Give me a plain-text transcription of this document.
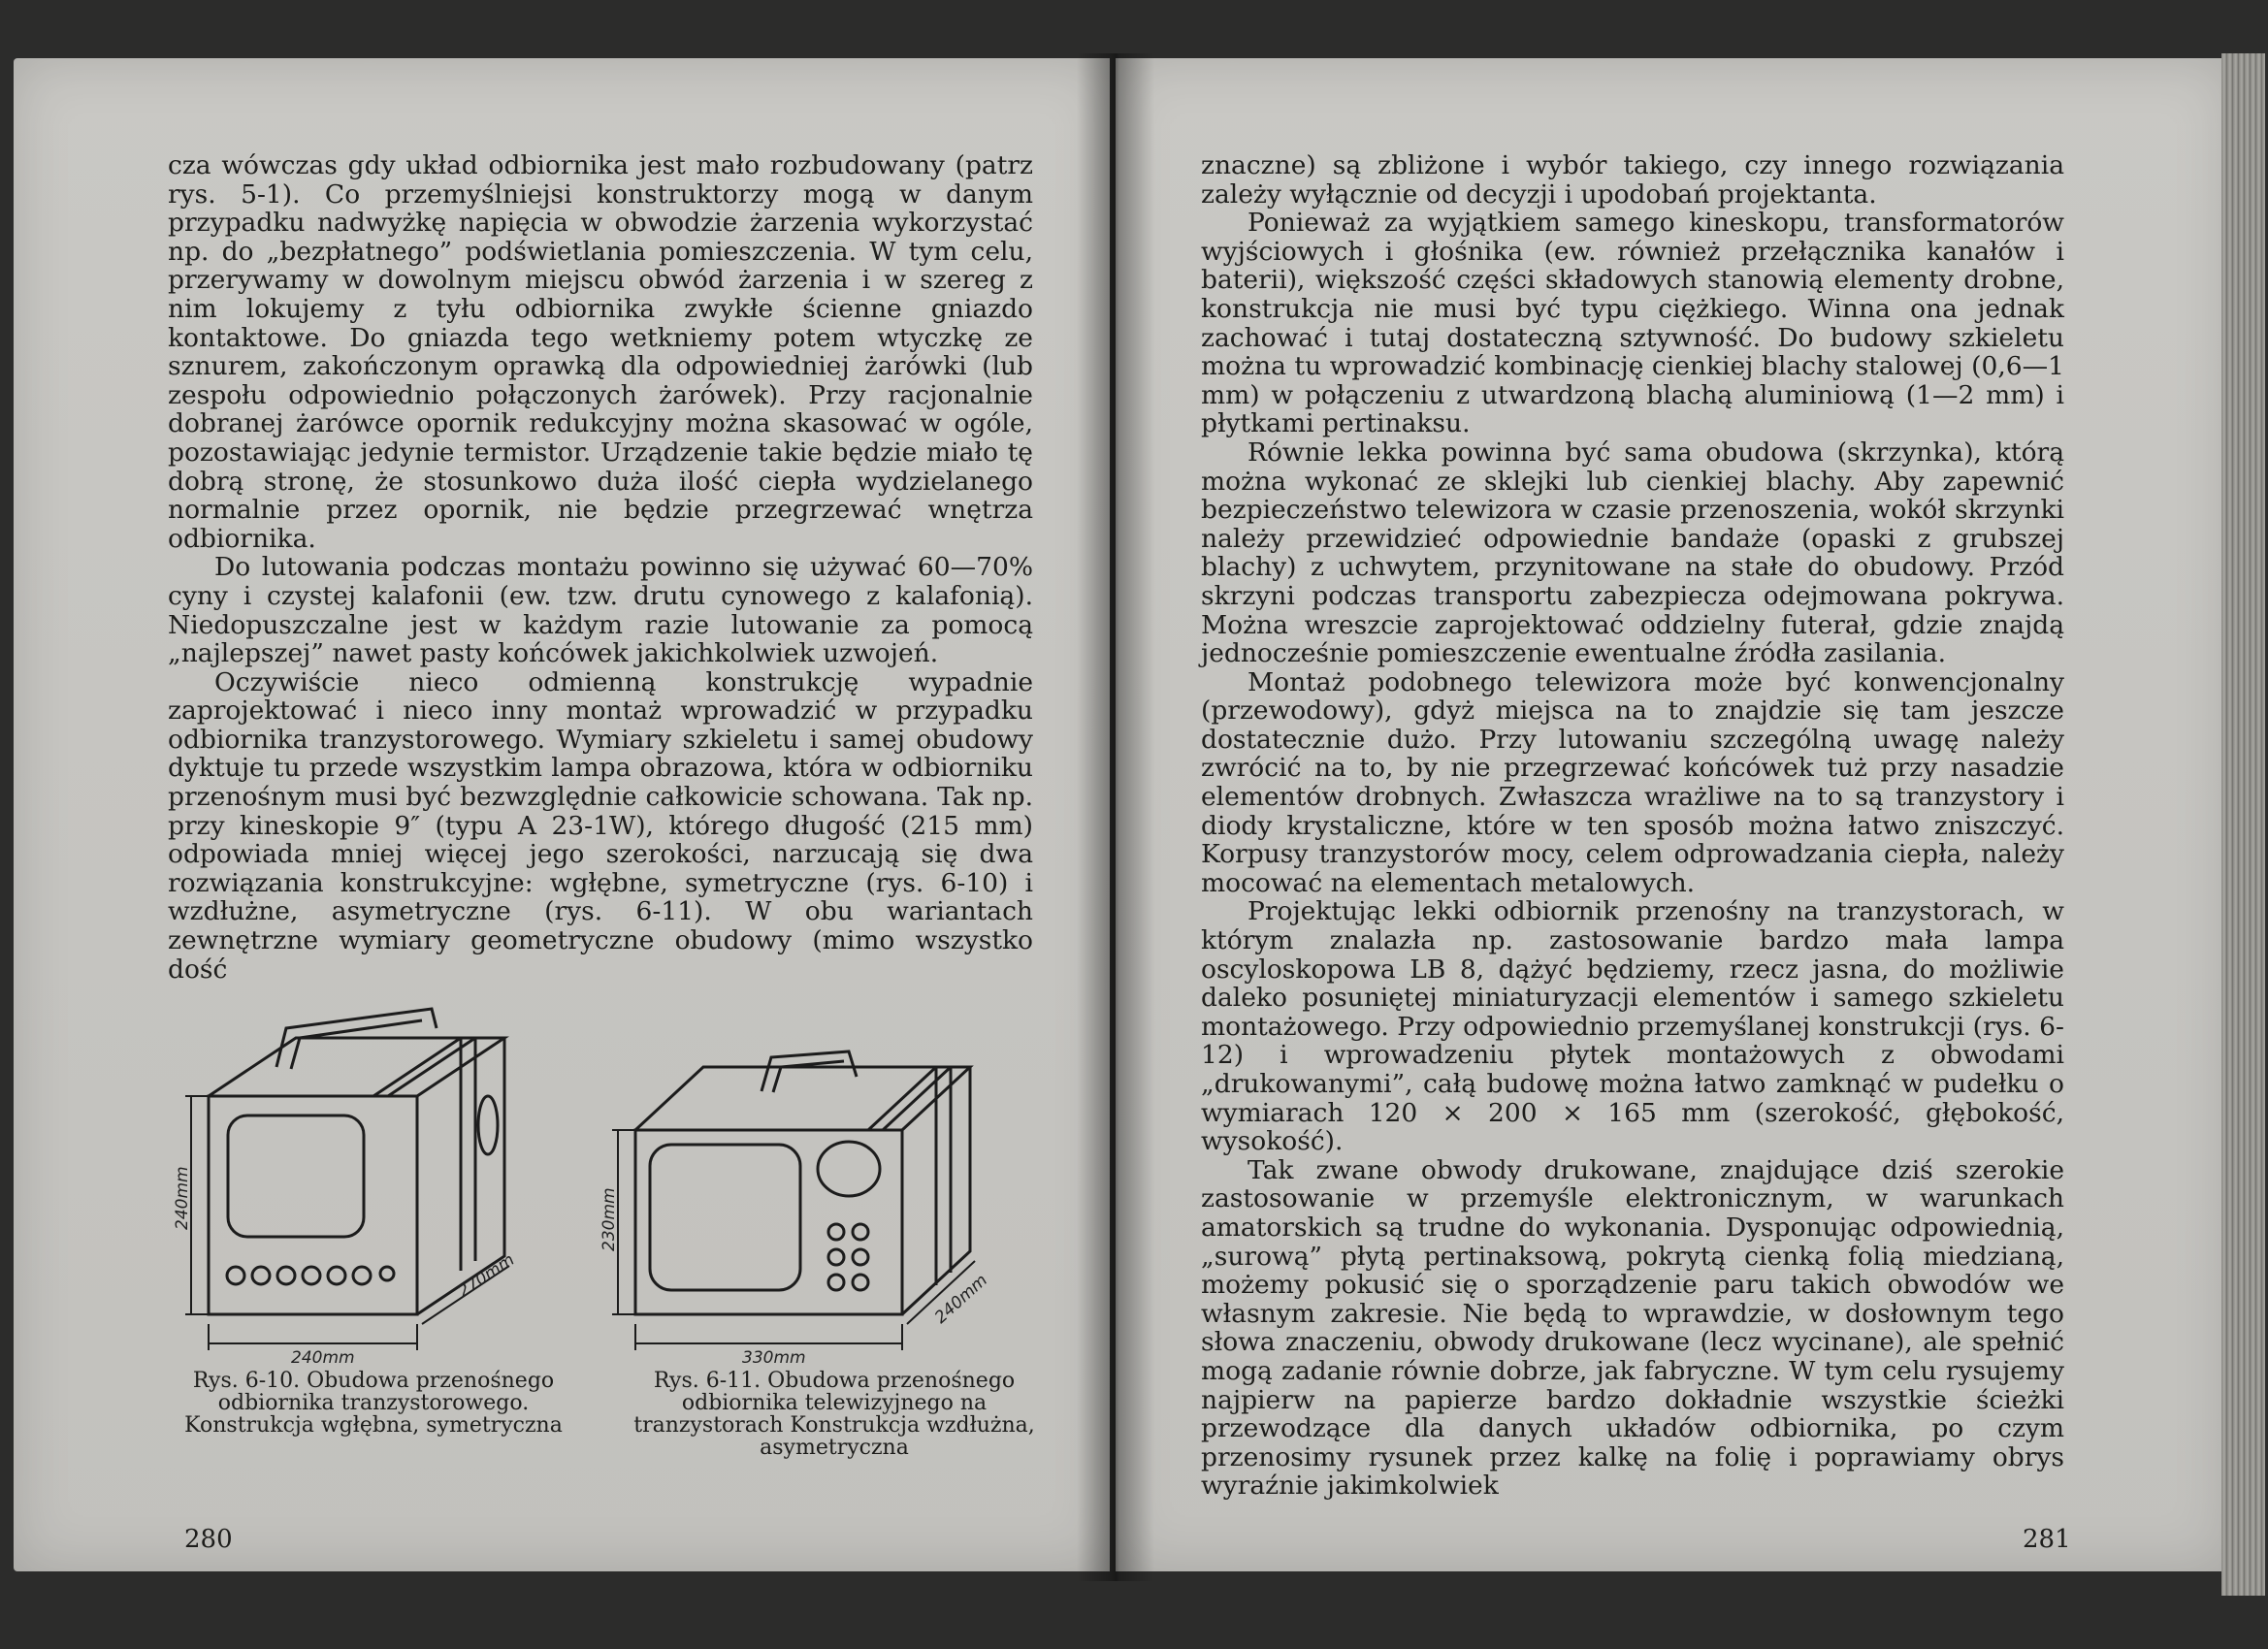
cza wówczas gdy układ odbiornika jest mało rozbudowany (patrz rys. 5-1). Co przemyślniejsi konstruktorzy mogą w danym przypadku nadwyżkę napięcia w obwodzie żarzenia wykorzystać np. do „bezpłatnego” podświetlania pomieszczenia. W tym celu, przerywamy w dowolnym miejscu obwód żarzenia i w szereg z nim lokujemy z tyłu odbiornika zwykłe ścienne gniazdo kontaktowe. Do gniazda tego wetkniemy potem wtyczkę ze sznurem, zakończonym oprawką dla odpowiedniej żarówki (lub zespołu odpowiednio połączonych żarówek). Przy racjonalnie dobranej żarówce opornik redukcyjny można skasować w ogóle, pozostawiając jedynie termistor. Urządzenie takie będzie miało tę dobrą stronę, że stosunkowo duża ilość ciepła wydzielanego normalnie przez opornik, nie będzie przegrzewać wnętrza odbiornika.

Do lutowania podczas montażu powinno się używać 60—70% cyny i czystej kalafonii (ew. tzw. drutu cynowego z kalafonią). Niedopuszczalne jest w każdym razie lutowanie za pomocą „najlepszej” nawet pasty końcówek jakichkolwiek uzwojeń.

Oczywiście nieco odmienną konstrukcję wypadnie zaprojektować i nieco inny montaż wprowadzić w przypadku odbiornika tranzystorowego. Wymiary szkieletu i samej obudowy dyktuje tu przede wszystkim lampa obrazowa, która w odbiorniku przenośnym musi być bezwzględnie całkowicie schowana. Tak np. przy kineskopie 9″ (typu A 23-1W), którego długość (215 mm) odpowiada mniej więcej jego szerokości, narzucają się dwa rozwiązania konstrukcyjne: wgłębne, symetryczne (rys. 6-10) i wzdłużne, asymetryczne (rys. 6-11). W obu wariantach zewnętrzne wymiary geometryczne obudowy (mimo wszystko dość

240mm
270mm
240mm
Rys. 6-10. Obudowa przenośnego odbiornika tranzystorowego. Konstrukcja wgłębna, symetryczna
230mm
240mm
330mm
Rys. 6-11. Obudowa przenośnego odbiornika telewizyjnego na tranzystorach Konstrukcja wzdłużna, asymetryczna
280

znaczne) są zbliżone i wybór takiego, czy innego rozwiązania zależy wyłącznie od decyzji i upodobań projektanta.

Ponieważ za wyjątkiem samego kineskopu, transformatorów wyjściowych i głośnika (ew. również przełącznika kanałów i baterii), większość części składowych stanowią elementy drobne, konstrukcja nie musi być typu ciężkiego. Winna ona jednak zachować i tutaj dostateczną sztywność. Do budowy szkieletu można tu wprowadzić kombinację cienkiej blachy stalowej (0,6—1 mm) w połączeniu z utwardzoną blachą aluminiową (1—2 mm) i płytkami pertinaksu.

Równie lekka powinna być sama obudowa (skrzynka), którą można wykonać ze sklejki lub cienkiej blachy. Aby zapewnić bezpieczeństwo telewizora w czasie przenoszenia, wokół skrzynki należy przewidzieć odpowiednie bandaże (opaski z grubszej blachy) z uchwytem, przynitowane na stałe do obudowy. Przód skrzyni podczas transportu zabezpiecza odejmowana pokrywa. Można wreszcie zaprojektować oddzielny futerał, gdzie znajdą jednocześnie pomieszczenie ewentualne źródła zasilania.

Montaż podobnego telewizora może być konwencjonalny (przewodowy), gdyż miejsca na to znajdzie się tam jeszcze dostatecznie dużo. Przy lutowaniu szczególną uwagę należy zwrócić na to, by nie przegrzewać końcówek tuż przy nasadzie elementów drobnych. Zwłaszcza wrażliwe na to są tranzystory i diody krystaliczne, które w ten sposób można łatwo zniszczyć. Korpusy tranzystorów mocy, celem odprowadzania ciepła, należy mocować na elementach metalowych.

Projektując lekki odbiornik przenośny na tranzystorach, w którym znalazła np. zastosowanie bardzo mała lampa oscyloskopowa LB 8, dążyć będziemy, rzecz jasna, do możliwie daleko posuniętej miniaturyzacji elementów i samego szkieletu montażowego. Przy odpowiednio przemyślanej konstrukcji (rys. 6-12) i wprowadzeniu płytek montażowych z obwodami „drukowanymi”, całą budowę można łatwo zamknąć w pudełku o wymiarach 120 × 200 × 165 mm (szerokość, głębokość, wysokość).

Tak zwane obwody drukowane, znajdujące dziś szerokie zastosowanie w przemyśle elektronicznym, w warunkach amatorskich są trudne do wykonania. Dysponując odpowiednią, „surową” płytą pertinaksową, pokrytą cienką folią miedzianą, możemy pokusić się o sporządzenie paru takich obwodów we własnym zakresie. Nie będą to wprawdzie, w dosłownym tego słowa znaczeniu, obwody drukowane (lecz wycinane), ale spełnić mogą zadanie równie dobrze, jak fabryczne. W tym celu rysujemy najpierw na papierze bardzo dokładnie wszystkie ścieżki przewodzące dla danych układów odbiornika, po czym przenosimy rysunek przez kalkę na folię i poprawiamy obrys wyraźnie jakimkolwiek

281
